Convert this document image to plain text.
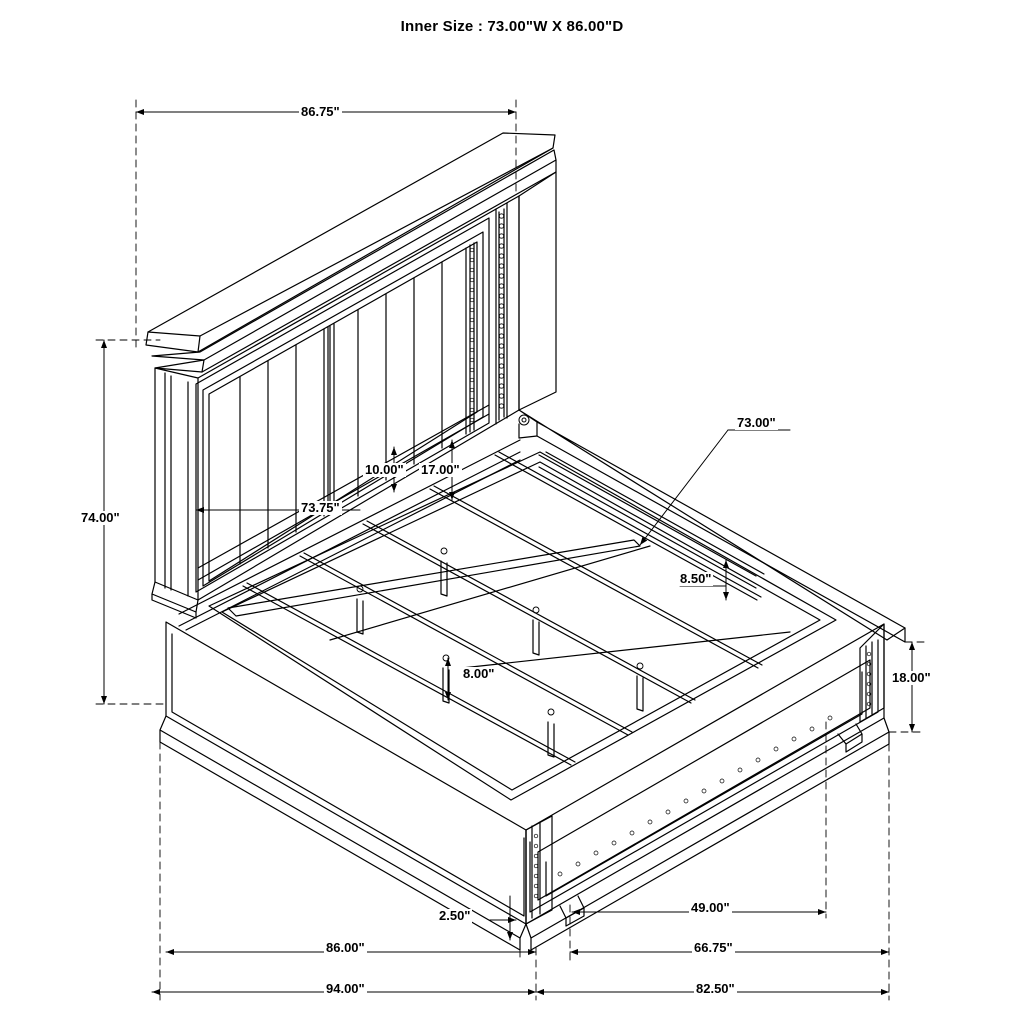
Inner Size : 73.00"W X 86.00"D
86.75"
74.00"
73.75"
17.00"
10.00"
73.00"
8.50"
8.00"	18.00"
2.50"
49.00"
66.75"
86.00"
94.00"	82.50"
